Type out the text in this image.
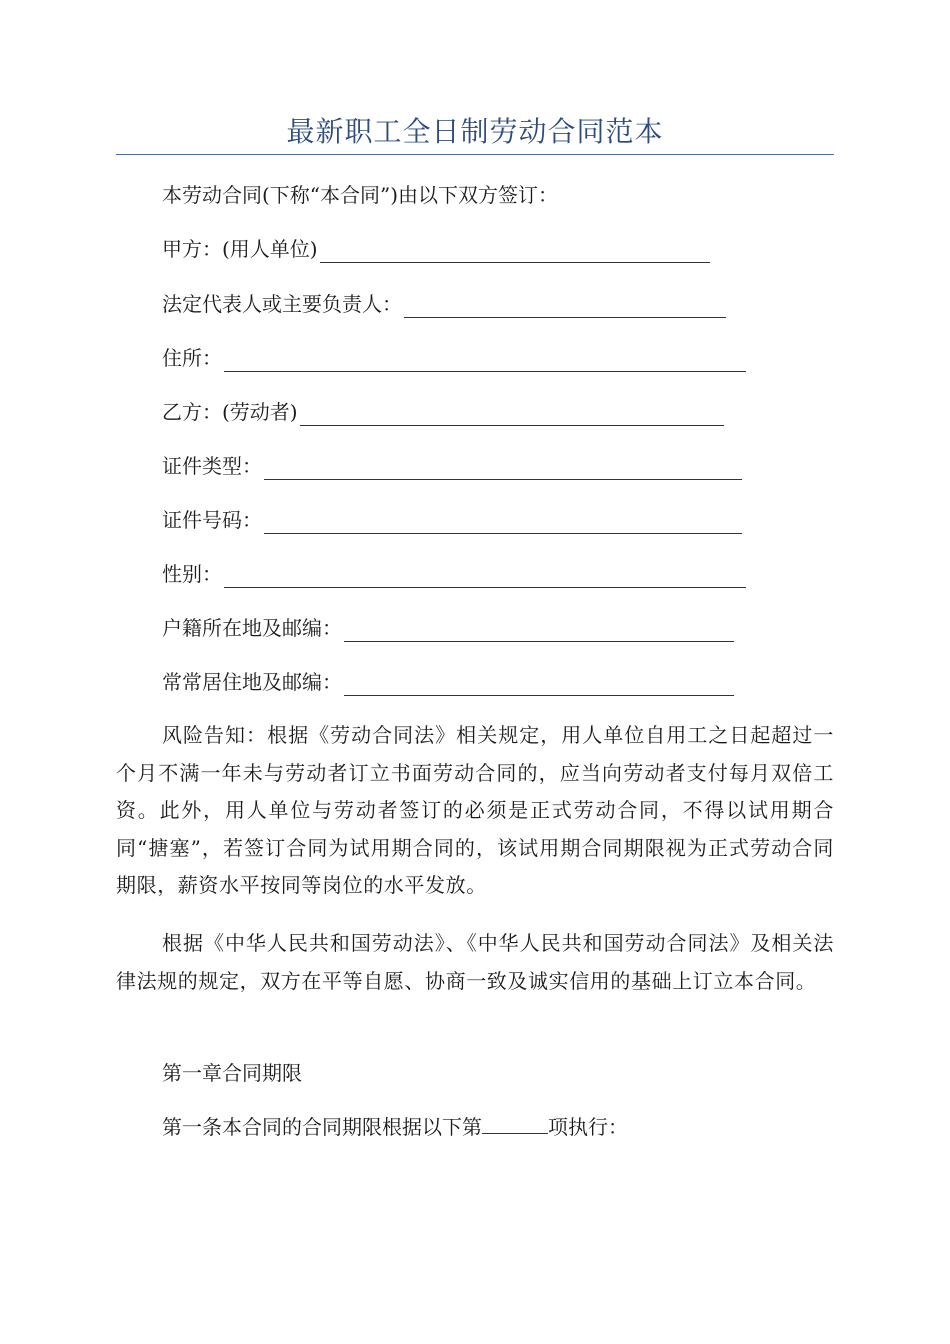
最新职工全日制劳动合同范本
本劳动合同(下称“本合同”)由以下双方签订：
甲方：(用人单位)
法定代表人或主要负责人：
住所：
乙方：(劳动者)
证件类型：
证件号码：
性别：
户籍所在地及邮编：
常常居住地及邮编：
风险告知：根据《劳动合同法》相关规定，用人单位自用工之日起超过一个月不满一年未与劳动者订立书面劳动合同的，应当向劳动者支付每月双倍工资。此外，用人单位与劳动者签订的必须是正式劳动合同，不得以试用期合同“搪塞”，若签订合同为试用期合同的，该试用期合同期限视为正式劳动合同期限，薪资水平按同等岗位的水平发放。
根据《中华人民共和国劳动法》、《中华人民共和国劳动合同法》及相关法律法规的规定，双方在平等自愿、协商一致及诚实信用的基础上订立本合同。
第一章合同期限
第一条本合同的合同期限根据以下第	项执行：
